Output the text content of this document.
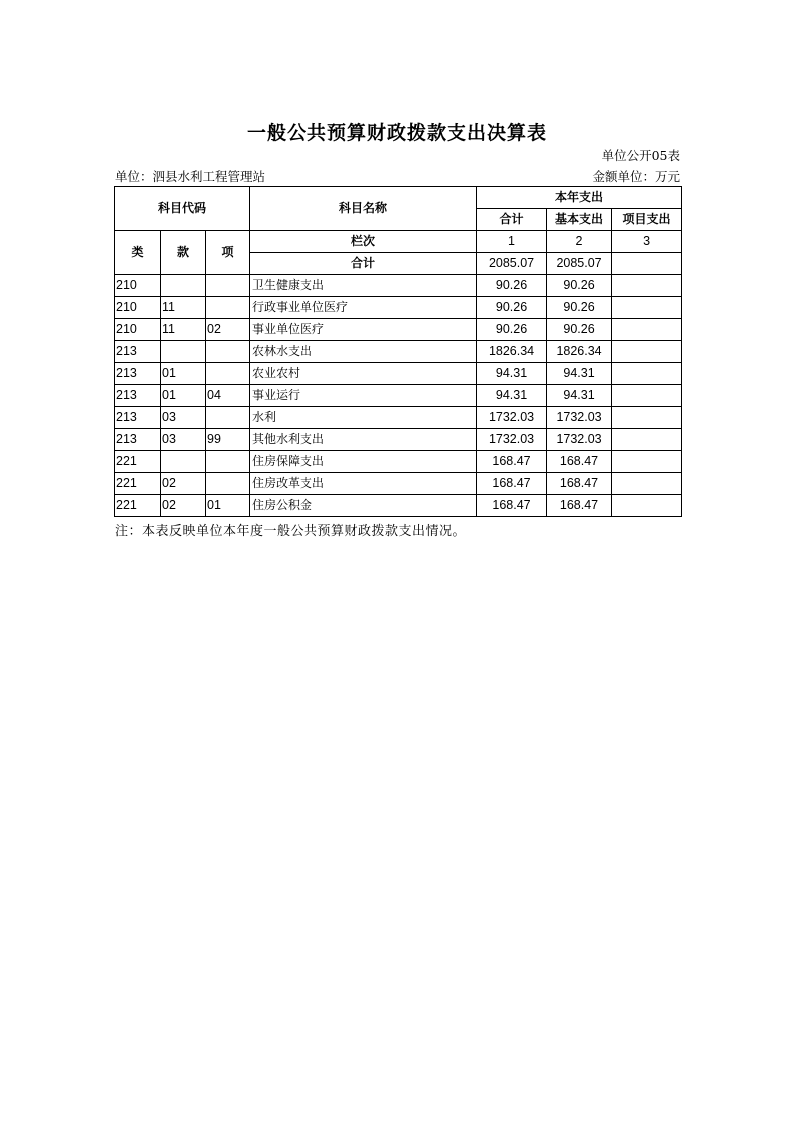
一般公共预算财政拨款支出决算表
单位公开05表
单位：泗县水利工程管理站	金额单位：万元
科目代码			科目名称	本年支出		
				合计	基本支出	项目支出
类	款	项	栏次	1	2	3
			合计	2085.07	2085.07	
210			卫生健康支出	90.26	90.26	
210	11		行政事业单位医疗	90.26	90.26	
210	11	02	事业单位医疗	90.26	90.26	
213			农林水支出	1826.34	1826.34	
213	01		农业农村	94.31	94.31	
213	01	04	事业运行	94.31	94.31	
213	03		水利	1732.03	1732.03	
213	03	99	其他水利支出	1732.03	1732.03	
221			住房保障支出	168.47	168.47	
221	02		住房改革支出	168.47	168.47	
221	02	01	住房公积金	168.47	168.47	
注：本表反映单位本年度一般公共预算财政拨款支出情况。
